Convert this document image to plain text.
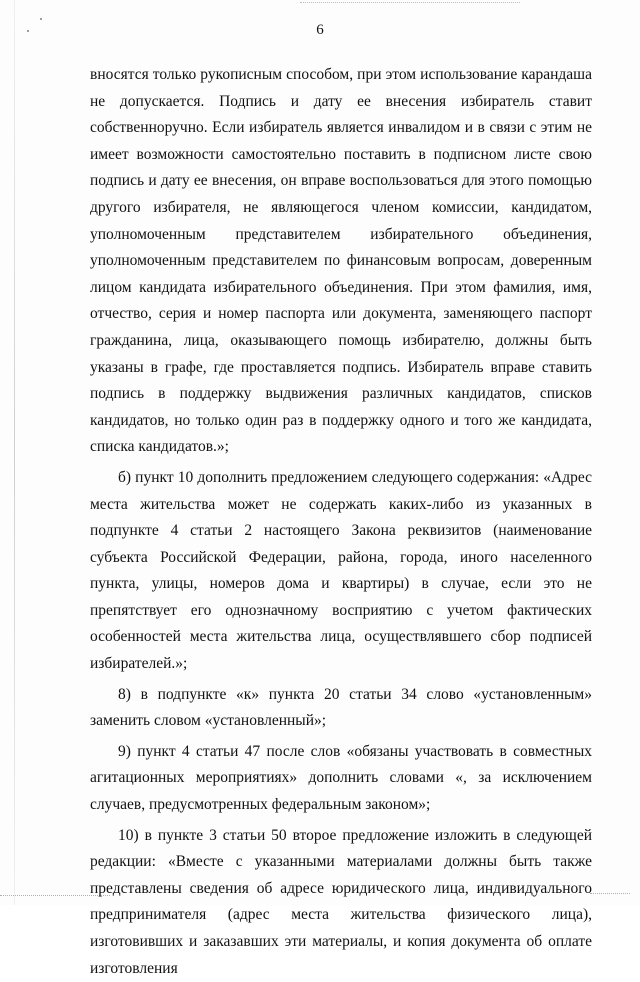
6

вносятся только рукописным способом, при этом использование карандаша не допускается. Подпись и дату ее внесения избиратель ставит собственноручно. Если избиратель является инвалидом и в связи с этим не имеет возможности самостоятельно поставить в подписном листе свою подпись и дату ее внесения, он вправе воспользоваться для этого помощью другого избирателя, не являющегося членом комиссии, кандидатом, уполномоченным представителем избирательного объединения, уполномоченным представителем по финансовым вопросам, доверенным лицом кандидата избирательного объединения. При этом фамилия, имя, отчество, серия и номер паспорта или документа, заменяющего паспорт гражданина, лица, оказывающего помощь избирателю, должны быть указаны в графе, где проставляется подпись. Избиратель вправе ставить подпись в поддержку выдвижения различных кандидатов, списков кандидатов, но только один раз в поддержку одного и того же кандидата, списка кандидатов.»;

б) пункт 10 дополнить предложением следующего содержания: «Адрес места жительства может не содержать каких-либо из указанных в подпункте 4 статьи 2 настоящего Закона реквизитов (наименование субъекта Российской Федерации, района, города, иного населенного пункта, улицы, номеров дома и квартиры) в случае, если это не препятствует его однозначному восприятию с учетом фактических особенностей места жительства лица, осуществлявшего сбор подписей избирателей.»;

8) в подпункте «к» пункта 20 статьи 34 слово «установленным» заменить словом «установленный»;

9) пункт 4 статьи 47 после слов «обязаны участвовать в совместных агитационных мероприятиях» дополнить словами «, за исключением случаев, предусмотренных федеральным законом»;

10) в пункте 3 статьи 50 второе предложение изложить в следующей редакции: «Вместе с указанными материалами должны быть также представлены сведения об адресе юридического лица, индивидуального предпринимателя (адрес места жительства физического лица), изготовивших и заказавших эти материалы, и копия документа об оплате изготовления
